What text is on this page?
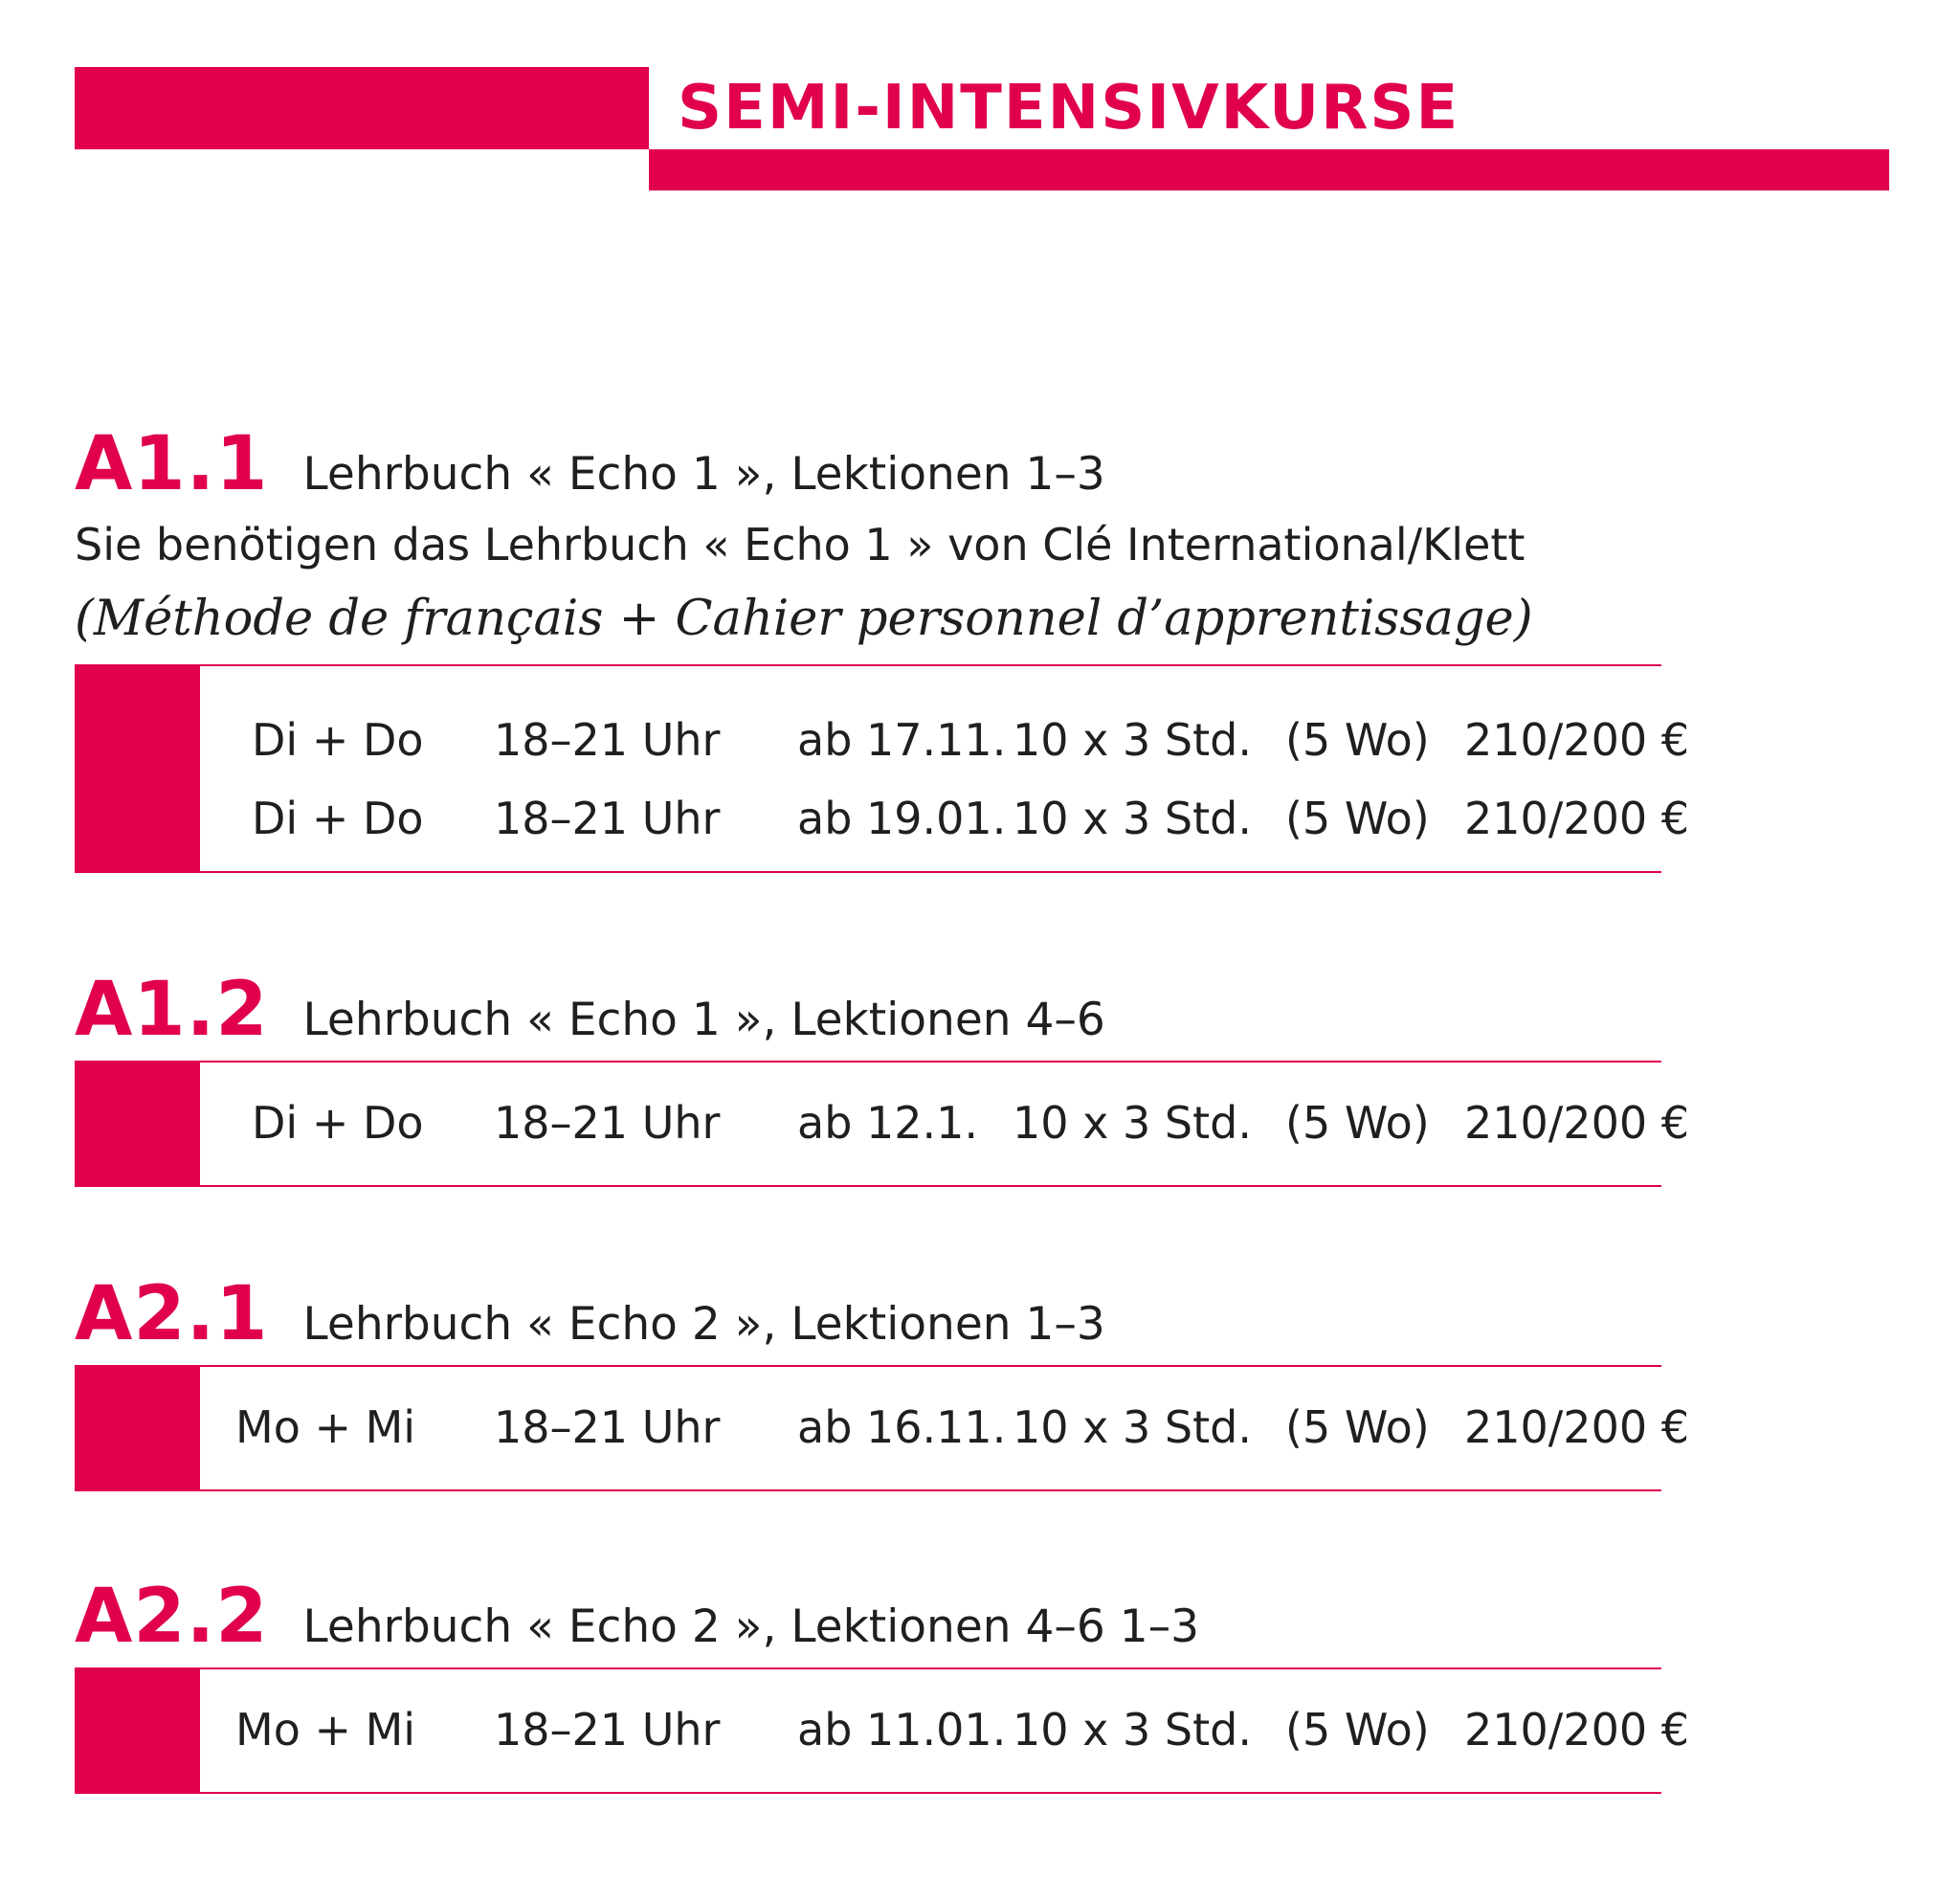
SEMI-INTENSIVKURSE
A1.1 Lehrbuch « Echo 1 », Lektionen 1–3

Sie benötigen das Lehrbuch « Echo 1 » von Clé International/Klett

(Méthode de français + Cahier personnel d’apprentissage)

Di + Do 18–21 Uhr ab 17.11. 10 x 3 Std. (5 Wo) 210/200 €
Di + Do 18–21 Uhr ab 19.01. 10 x 3 Std. (5 Wo) 210/200 €
A1.2 Lehrbuch « Echo 1 », Lektionen 4–6
Di + Do 18–21 Uhr ab 12.1. 10 x 3 Std. (5 Wo) 210/200 €
A2.1 Lehrbuch « Echo 2 », Lektionen 1–3
Mo + Mi 18–21 Uhr ab 16.11. 10 x 3 Std. (5 Wo) 210/200 €
A2.2 Lehrbuch « Echo 2 », Lektionen 4–6 1–3
Mo + Mi 18–21 Uhr ab 11.01. 10 x 3 Std. (5 Wo) 210/200 €
